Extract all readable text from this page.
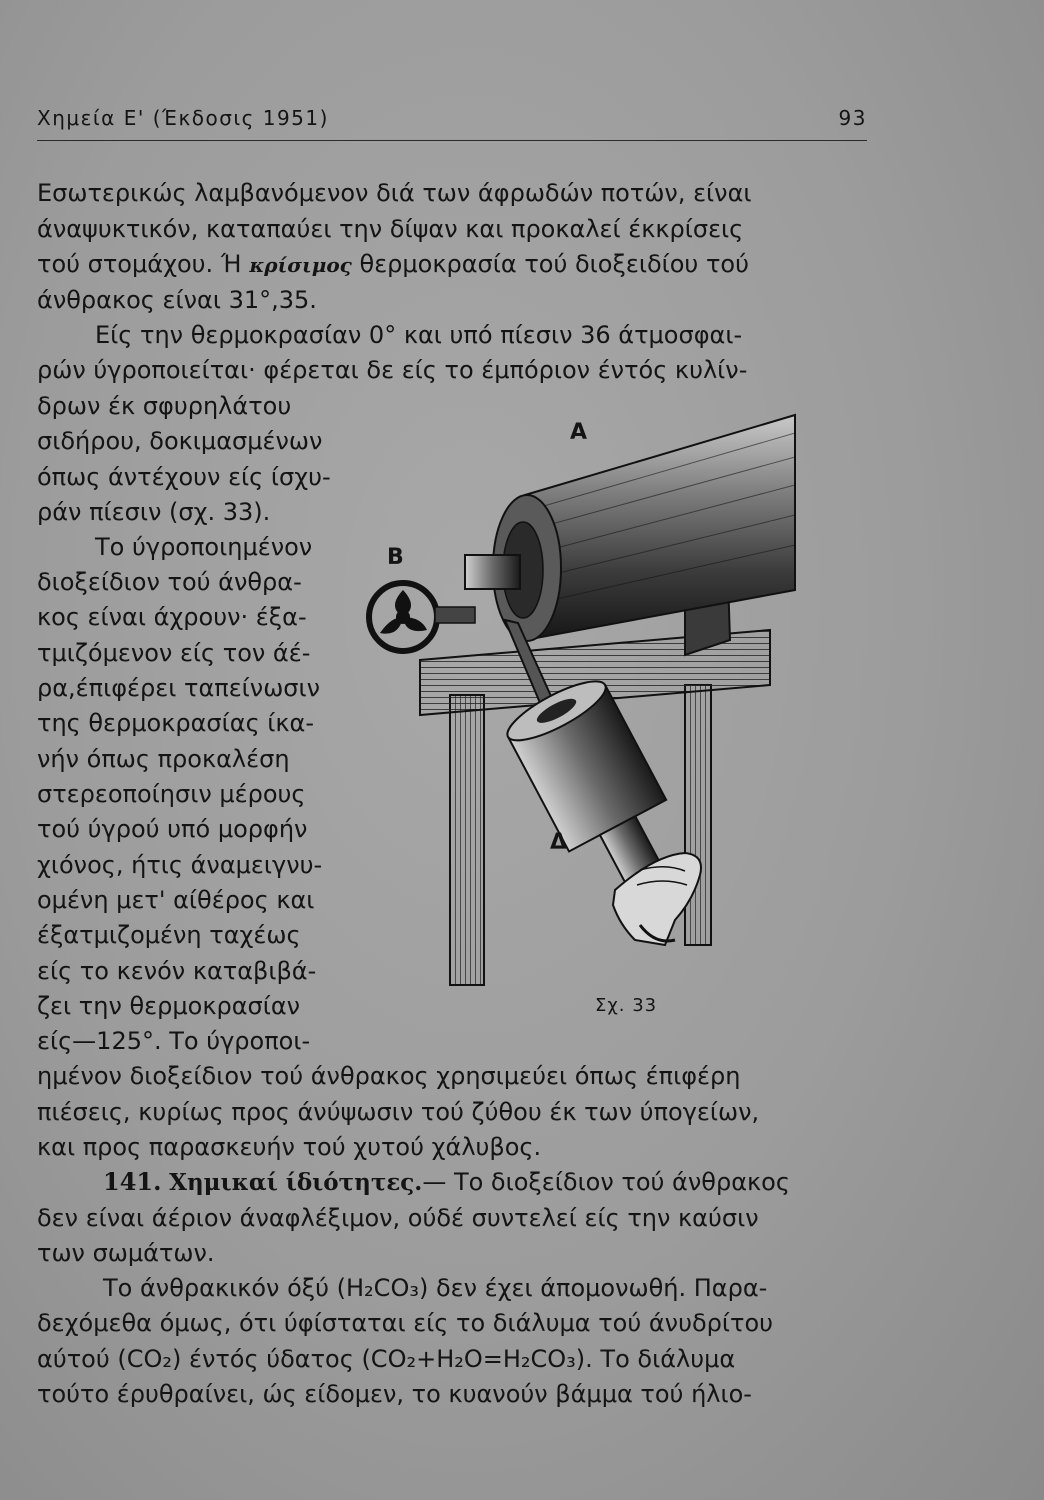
Χημεία Ε' (Έκδοσις 1951)	93
Εσωτερικώς λαμβανόμενον διά των άφρωδών ποτών, είναι
άναψυκτικόν, καταπαύει την δίψαν και προκαλεί έκκρίσεις
τού στομάχου. Ή κρίσιμος θερμοκρασία τού διοξειδίου τού
άνθρακος είναι 31°,35.
Είς την θερμοκρασίαν 0° και υπό πίεσιν 36 άτμοσφαι-
ρών ύγροποιείται· φέρεται δε είς το έμπόριον έντός κυλίν-
δρων έκ σφυρηλάτου
σιδήρου, δοκιμασμένων
όπως άντέχουν είς ίσχυ-
ράν πίεσιν (σχ. 33).
Το ύγροποιημένον
διοξείδιον τού άνθρα-
κος είναι άχρουν· έξα-
τμιζόμενον είς τον άέ-
ρα,έπιφέρει ταπείνωσιν
της θερμοκρασίας ίκα-
νήν όπως προκαλέση
στερεοποίησιν μέρους
τού ύγρού υπό μορφήν
χιόνος, ήτις άναμειγνυ-
ομένη μετ' αίθέρος και
έξατμιζομένη ταχέως
είς το κενόν καταβιβά-
ζει την θερμοκρασίαν
είς—125°. Το ύγροποι-
ημένον διοξείδιον τού άνθρακος χρησιμεύει όπως έπιφέρη
πιέσεις, κυρίως προς άνύψωσιν τού ζύθου έκ των ύπογείων,
και προς παρασκευήν τού χυτού χάλυβος.
141. Χημικαί ίδιότητες.— Το διοξείδιον τού άνθρακος
δεν είναι άέριον άναφλέξιμον, ούδέ συντελεί είς την καύσιν
των σωμάτων.
Το άνθρακικόν όξύ (H₂CO₃) δεν έχει άπομονωθή. Παρα-
δεχόμεθα όμως, ότι ύφίσταται είς το διάλυμα τού άνυδρίτου
αύτού (CO₂) έντός ύδατος (CO₂+H₂O=H₂CO₃). Το διάλυμα
τούτο έρυθραίνει, ώς είδομεν, το κυανούν βάμμα τού ήλιο-
Α
Β
Δ
Σχ. 33
